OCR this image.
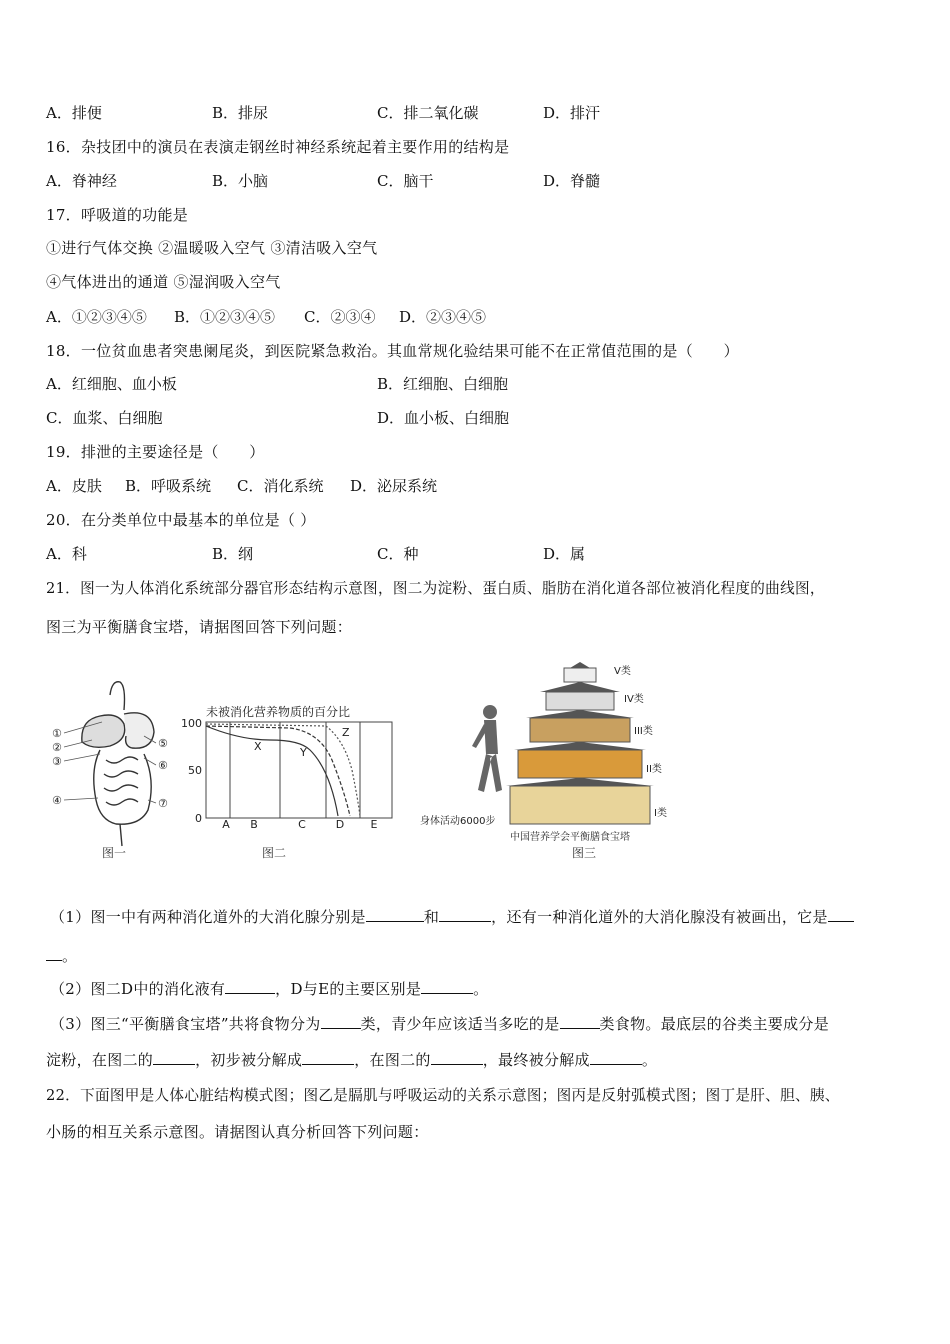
A．排便	B．排尿	C．排二氧化碳	D．排汗
16．杂技团中的演员在表演走钢丝时神经系统起着主要作用的结构是
A．脊神经	B．小脑	C．脑干	D．脊髓
17．呼吸道的功能是
①进行气体交换 ②温暖吸入空气 ③清洁吸入空气
④气体进出的通道 ⑤湿润吸入空气
A．①②③④⑤ B．①②③④⑤ C．②③④ D．②③④⑤
18．一位贫血患者突患阑尾炎，到医院紧急救治。其血常规化验结果可能不在正常值范围的是（　　）
A．红细胞、血小板	B．红细胞、白细胞
C．血浆、白细胞	D．血小板、白细胞
19．排泄的主要途径是（　　）
A．皮肤 B．呼吸系统 C．消化系统 D．泌尿系统
20．在分类单位中最基本的单位是（ ）
A．科	B．纲	C．种	D．属
21．图一为人体消化系统部分器官形态结构示意图，图二为淀粉、蛋白质、脂肪在消化道各部位被消化程度的曲线图，
图三为平衡膳食宝塔，请据图回答下列问题：
①
②
③
④
⑤
⑥
⑦
图一
未被消化营养物质的百分比
X	Y
Z
100
50
0 A B	C	D E
图二
身体活动6000步
V类
IV类
III类
II类
I类
中国营养学会平衡膳食宝塔
图三
（1）图一中有两种消化道外的大消化腺分别是	和	，还有一种消化道外的大消化腺没有被画出，它是
。
（2）图二D中的消化液有	，D与E的主要区别是	。
（3）图三“平衡膳食宝塔”共将食物分为	类，青少年应该适当多吃的是	类食物。最底层的谷类主要成分是
淀粉，在图二的	，初步被分解成	，在图二的	，最终被分解成	。
22．下面图甲是人体心脏结构模式图；图乙是膈肌与呼吸运动的关系示意图；图丙是反射弧模式图；图丁是肝、胆、胰、
小肠的相互关系示意图。请据图认真分析回答下列问题：
